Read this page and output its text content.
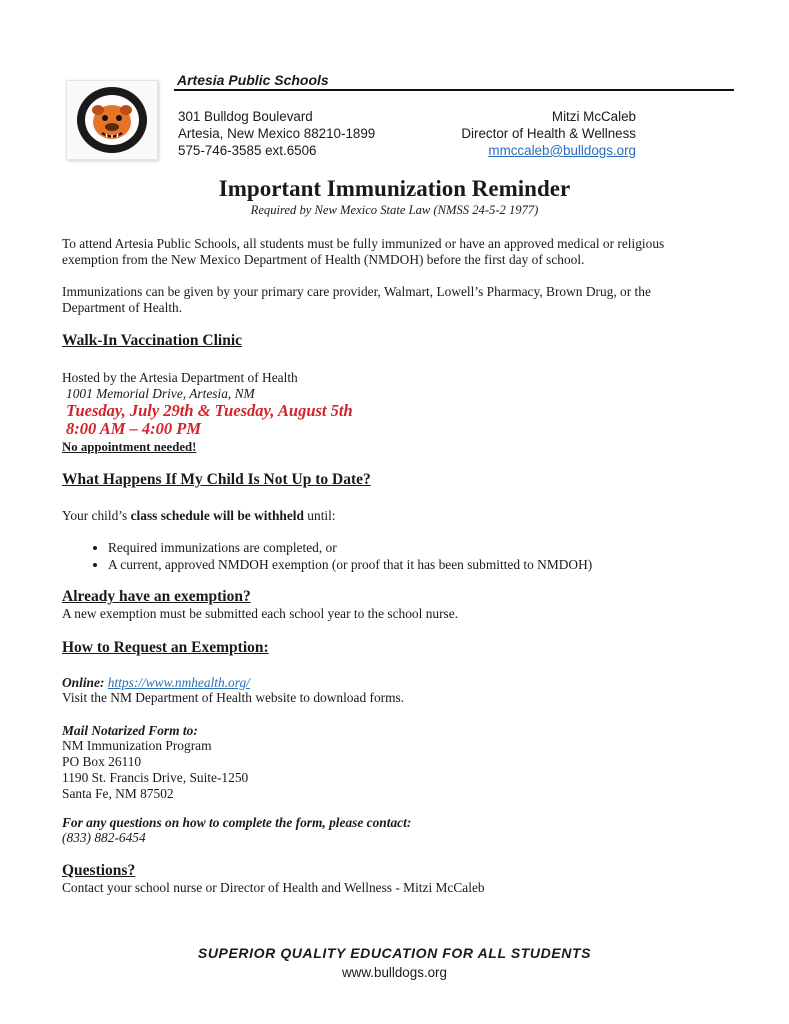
Artesia Public Schools
301 Bulldog Boulevard
Artesia, New Mexico 88210-1899
575-746-3585 ext.6506
Mitzi McCaleb
Director of Health & Wellness
mmccaleb@bulldogs.org
Important Immunization Reminder
Required by New Mexico State Law (NMSS 24-5-2 1977)
To attend Artesia Public Schools, all students must be fully immunized or have an approved medical or religious
exemption from the New Mexico Department of Health (NMDOH) before the first day of school.
Immunizations can be given by your primary care provider, Walmart, Lowell’s Pharmacy, Brown Drug, or the
Department of Health.
Walk-In Vaccination Clinic
Hosted by the Artesia Department of Health
1001 Memorial Drive, Artesia, NM
Tuesday, July 29th & Tuesday, August 5th
8:00 AM – 4:00 PM
No appointment needed!
What Happens If My Child Is Not Up to Date?
Your child’s class schedule will be withheld until:
• Required immunizations are completed, or
• A current, approved NMDOH exemption (or proof that it has been submitted to NMDOH)
Already have an exemption?
A new exemption must be submitted each school year to the school nurse.
How to Request an Exemption:
Online: https://www.nmhealth.org/
Visit the NM Department of Health website to download forms.
Mail Notarized Form to:
NM Immunization Program
PO Box 26110
1190 St. Francis Drive, Suite-1250
Santa Fe, NM 87502
For any questions on how to complete the form, please contact:
(833) 882-6454
Questions?
Contact your school nurse or Director of Health and Wellness - Mitzi McCaleb
SUPERIOR QUALITY EDUCATION FOR ALL STUDENTS
www.bulldogs.org
